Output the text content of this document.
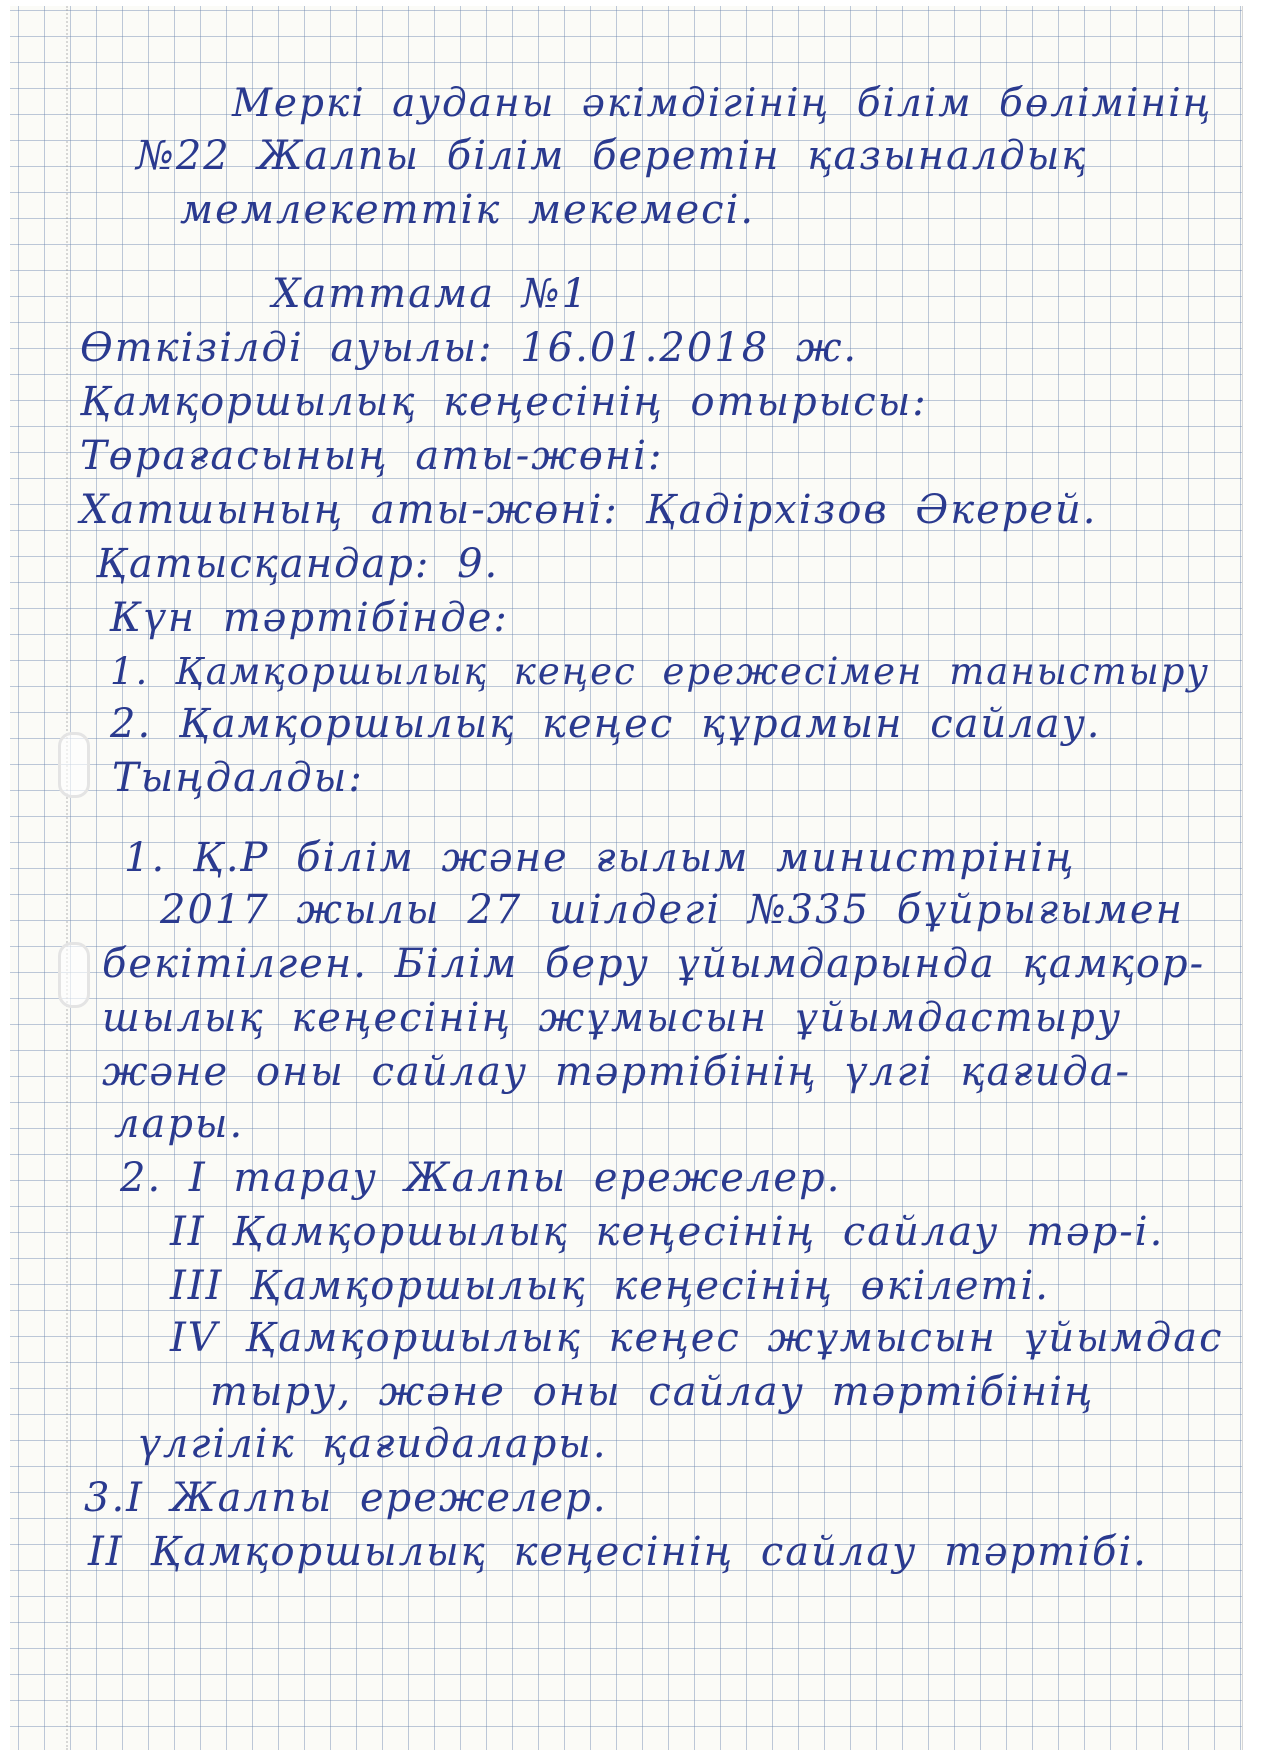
Меркі ауданы әкімдігінің білім бөлімінің

№22 Жалпы білім беретін қазыналдық

мемлекеттік мекемесі.

Хаттама №1

Өткізілді ауылы: 16.01.2018 ж.

Қамқоршылық кеңесінің отырысы:

Төрағасының аты-жөні:

Хатшының аты-жөні: Қадірхізов Әкерей.

Қатысқандар: 9.

Күн тәртібінде:

1. Қамқоршылық кеңес ережесімен таныстыру

2. Қамқоршылық кеңес құрамын сайлау.

Тыңдалды:

1. Қ.Р білім және ғылым министрінің

2017 жылы 27 шілдегі №335 бұйрығымен

бекітілген. Білім беру ұйымдарында қамқор-

шылық кеңесінің жұмысын ұйымдастыру

және оны сайлау тәртібінің үлгі қағида-

лары.

2. I тарау Жалпы ережелер.

II Қамқоршылық кеңесінің сайлау тәр-і.

III Қамқоршылық кеңесінің өкілеті.

IV Қамқоршылық кеңес жұмысын ұйымдас

тыру, және оны сайлау тәртібінің

үлгілік қағидалары.

3.I Жалпы ережелер.

II Қамқоршылық кеңесінің сайлау тәртібі.
